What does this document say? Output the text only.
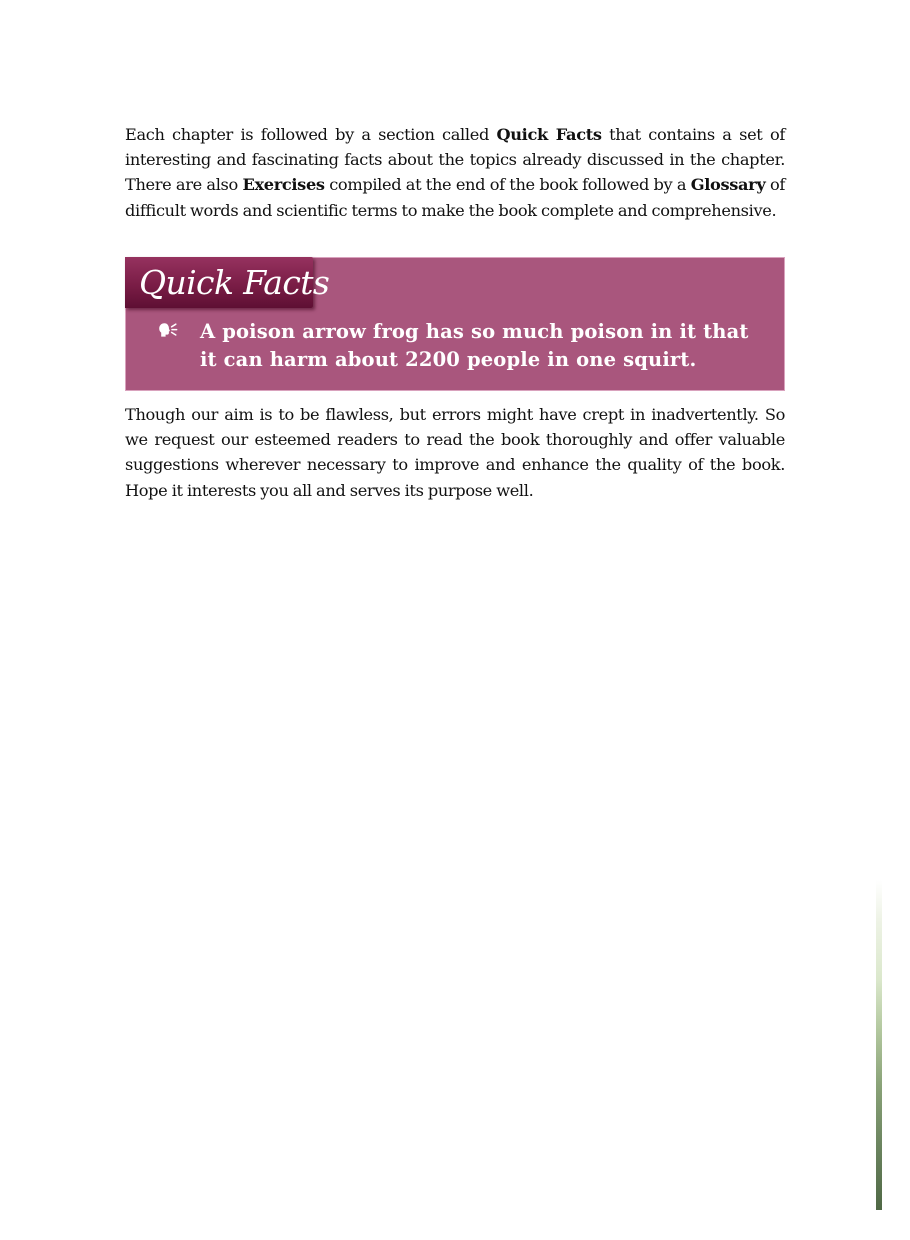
Each chapter is followed by a section called Quick Facts that contains a set of interesting and fascinating facts about the topics already discussed in the chapter. There are also Exercises compiled at the end of the book followed by a Glossary of difficult words and scientific terms to make the book complete and comprehensive.

Quick Facts

A poison arrow frog has so much poison in it that it can harm about 2200 people in one squirt.

Though our aim is to be flawless, but errors might have crept in inadvertently. So we request our esteemed readers to read the book thoroughly and offer valuable suggestions wherever necessary to improve and enhance the quality of the book. Hope it interests you all and serves its purpose well.
